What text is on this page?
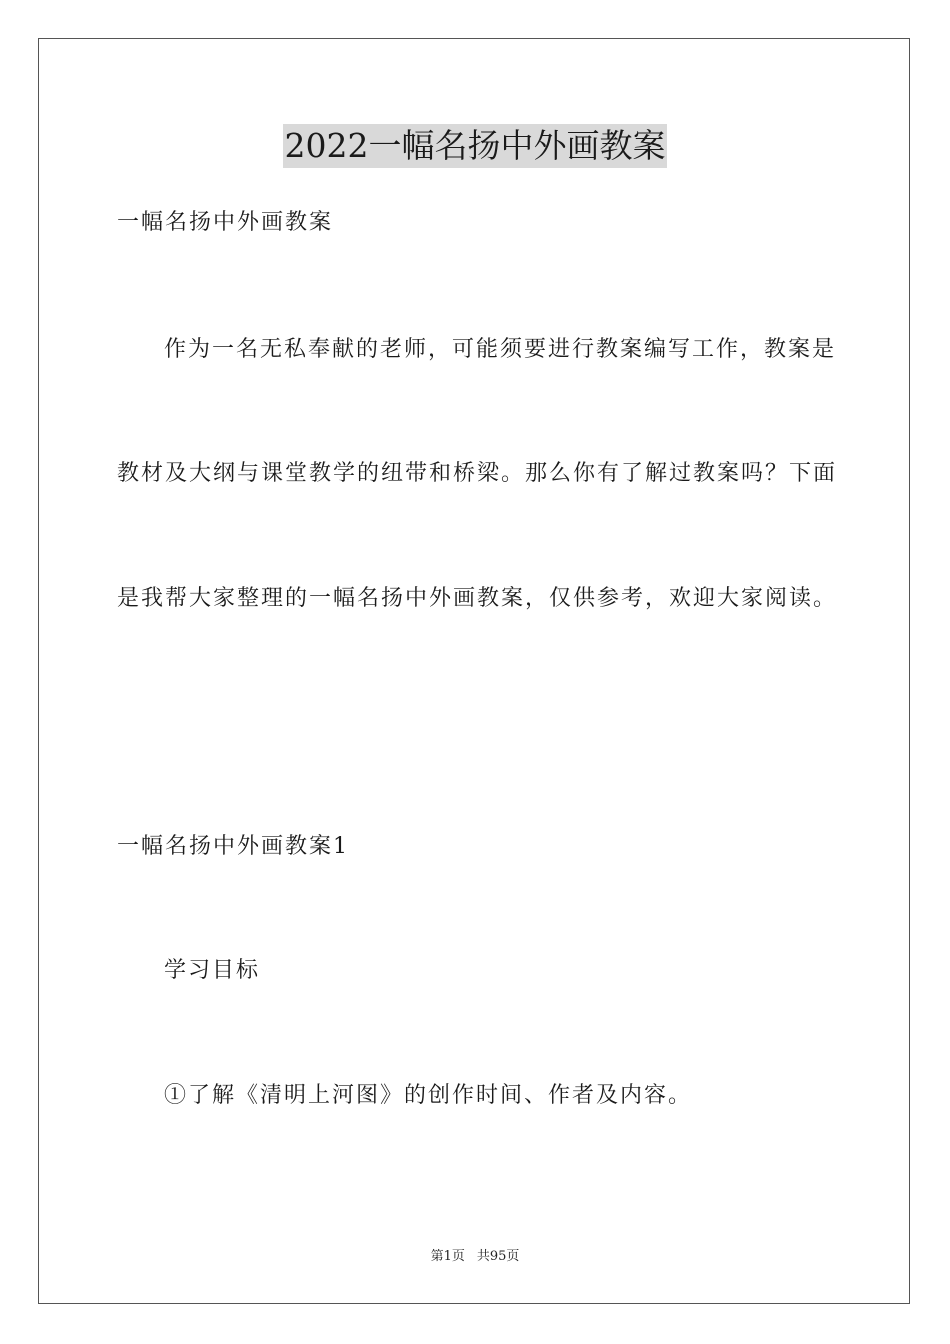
2022一幅名扬中外画教案
一幅名扬中外画教案
作为一名无私奉献的老师，可能须要进行教案编写工作，教案是
教材及大纲与课堂教学的纽带和桥梁。那么你有了解过教案吗？下面
是我帮大家整理的一幅名扬中外画教案，仅供参考，欢迎大家阅读。
一幅名扬中外画教案1
学习目标
①了解《清明上河图》的创作时间、作者及内容。
第1页 共95页
